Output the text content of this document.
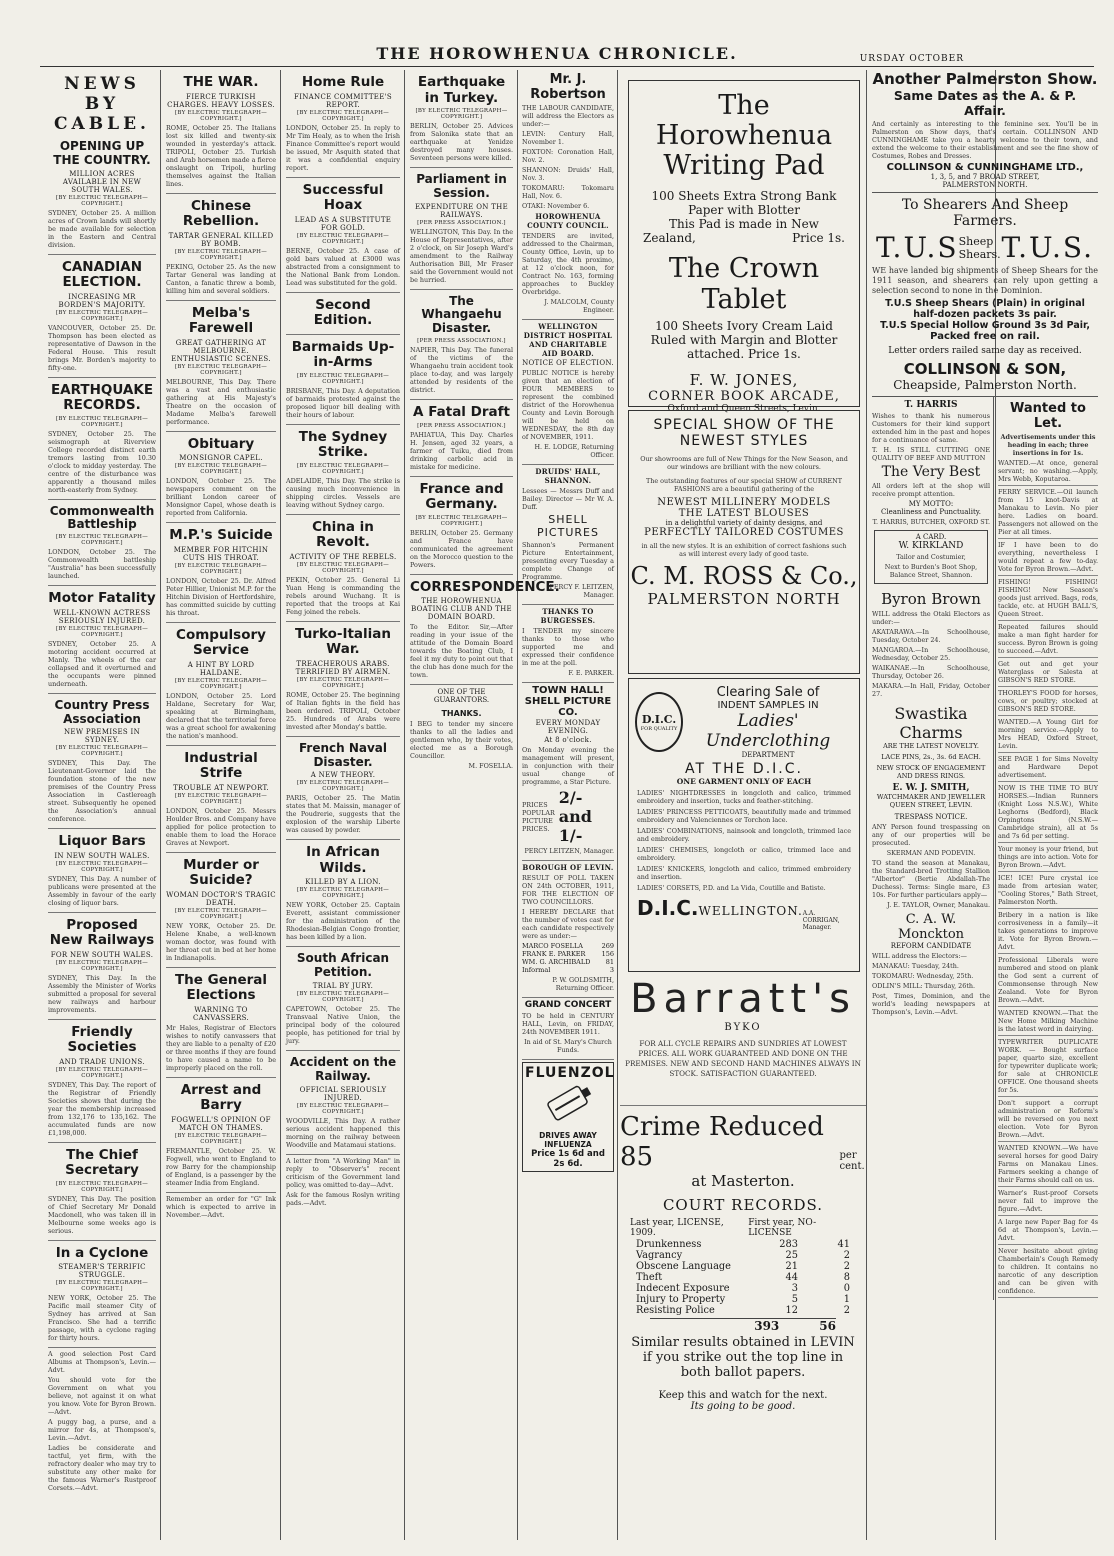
THE HOROWHENUA CHRONICLE.	URSDAY OCTOBER
NEWS BY CABLE.
OPENING UP THE COUNTRY.
MILLION ACRES AVAILABLE IN NEW SOUTH WALES.
[BY ELECTRIC TELEGRAPH—COPYRIGHT.]
SYDNEY, October 25. A million acres of Crown lands will shortly be made available for selection in the Eastern and Central division.
CANADIAN ELECTION.
INCREASING MR BORDEN'S MAJORITY.
[BY ELECTRIC TELEGRAPH—COPYRIGHT.]
VANCOUVER, October 25. Dr. Thompson has been elected as representative of Dawson in the Federal House. This result brings Mr. Borden's majority to fifty-one.
EARTHQUAKE RECORDS.
[BY ELECTRIC TELEGRAPH—COPYRIGHT.]
SYDNEY, October 25. The seismograph at Riverview College recorded distinct earth tremors lasting from 10.30 o'clock to midday yesterday. The centre of the disturbance was apparently a thousand miles north-easterly from Sydney.
Commonwealth Battleship
[BY ELECTRIC TELEGRAPH—COPYRIGHT.]
LONDON, October 25. The Commonwealth battleship "Australia" has been successfully launched.
Motor Fatality
WELL-KNOWN ACTRESS SERIOUSLY INJURED.
[BY ELECTRIC TELEGRAPH—COPYRIGHT.]
SYDNEY, October 25. A motoring accident occurred at Manly. The wheels of the car collapsed and it overturned and the occupants were pinned underneath.
Country Press Association
NEW PREMISES IN SYDNEY.
[BY ELECTRIC TELEGRAPH—COPYRIGHT.]
SYDNEY, This Day. The Lieutenant-Governor laid the foundation stone of the new premises of the Country Press Association in Castlereagh street. Subsequently he opened the Association's annual conference.
Liquor Bars
IN NEW SOUTH WALES.
[BY ELECTRIC TELEGRAPH—COPYRIGHT.]
SYDNEY, This Day. A number of publicans were presented at the Assembly in favour of the early closing of liquor bars.
Proposed New Railways
FOR NEW SOUTH WALES.
[BY ELECTRIC TELEGRAPH—COPYRIGHT.]
SYDNEY, This Day. In the Assembly the Minister of Works submitted a proposal for several new railways and harbour improvements.
Friendly Societies
AND TRADE UNIONS.
[BY ELECTRIC TELEGRAPH—COPYRIGHT.]
SYDNEY, This Day. The report of the Registrar of Friendly Societies shows that during the year the membership increased from 132,176 to 135,162. The accumulated funds are now £1,198,000.
The Chief Secretary
[BY ELECTRIC TELEGRAPH—COPYRIGHT.]
SYDNEY, This Day. The position of Chief Secretary Mr Donald Macdonell, who was taken ill in Melbourne some weeks ago is serious.
In a Cyclone
STEAMER'S TERRIFIC STRUGGLE.
[BY ELECTRIC TELEGRAPH—COPYRIGHT.]
NEW YORK, October 25. The Pacific mail steamer City of Sydney has arrived at San Francisco. She had a terrific passage, with a cyclone raging for thirty hours.
A good selection Post Card Albums at Thompson's, Levin.—Advt.
You should vote for the Government on what you believe, not against it on what you know. Vote for Byron Brown.—Advt.
A puggy bag, a purse, and a mirror for 4s, at Thompson's, Levin.—Advt.
Ladies be considerate and tactful, yet firm, with the refractory dealer who may try to substitute any other make for the famous Warner's Rustproof Corsets.—Advt.
THE WAR.
FIERCE TURKISH CHARGES. HEAVY LOSSES.
[BY ELECTRIC TELEGRAPH—COPYRIGHT.]
ROME, October 25. The Italians lost six killed and twenty-six wounded in yesterday's attack. TRIPOLI, October 25. Turkish and Arab horsemen made a fierce onslaught on Tripoli, hurling themselves against the Italian lines.
Chinese Rebellion.
TARTAR GENERAL KILLED BY BOMB.
[BY ELECTRIC TELEGRAPH—COPYRIGHT.]
PEKING, October 25. As the new Tartar General was landing at Canton, a fanatic threw a bomb, killing him and several soldiers.
Melba's Farewell
GREAT GATHERING AT MELBOURNE. ENTHUSIASTIC SCENES.
[BY ELECTRIC TELEGRAPH—COPYRIGHT.]
MELBOURNE, This Day. There was a vast and enthusiastic gathering at His Majesty's Theatre on the occasion of Madame Melba's farewell performance.
Obituary
MONSIGNOR CAPEL.
[BY ELECTRIC TELEGRAPH—COPYRIGHT.]
LONDON, October 25. The newspapers comment on the brilliant London career of Monsignor Capel, whose death is reported from California.
M.P.'s Suicide
MEMBER FOR HITCHIN CUTS HIS THROAT.
[BY ELECTRIC TELEGRAPH—COPYRIGHT.]
LONDON, October 25. Dr. Alfred Peter Hillier, Unionist M.P. for the Hitchin Division of Hertfordshire, has committed suicide by cutting his throat.
Compulsory Service
A HINT BY LORD HALDANE.
[BY ELECTRIC TELEGRAPH—COPYRIGHT.]
LONDON, October 25. Lord Haldane, Secretary for War, speaking at Birmingham, declared that the territorial force was a great school for awakening the nation's manhood.
Industrial Strife
TROUBLE AT NEWPORT.
[BY ELECTRIC TELEGRAPH—COPYRIGHT.]
LONDON, October 25. Messrs Houlder Bros. and Company have applied for police protection to enable them to load the Horace Graves at Newport.
Murder or Suicide?
WOMAN DOCTOR'S TRAGIC DEATH.
[BY ELECTRIC TELEGRAPH—COPYRIGHT.]
NEW YORK, October 25. Dr. Helene Knabe, a well-known woman doctor, was found with her throat cut in bed at her home in Indianapolis.
The General Elections
WARNING TO CANVASSERS.
Mr Hales, Registrar of Electors wishes to notify canvassers that they are liable to a penalty of £20 or three months if they are found to have caused a name to be improperly placed on the roll.
Arrest and Barry
FOGWELL'S OPINION OF MATCH ON THAMES.
[BY ELECTRIC TELEGRAPH—COPYRIGHT.]
FREMANTLE, October 25. W. Fogwell, who went to England to row Barry for the championship of England, is a passenger by the steamer India from England.
Remember an order for "G" Ink which is expected to arrive in November.—Advt.
Home Rule
FINANCE COMMITTEE'S REPORT.
[BY ELECTRIC TELEGRAPH—COPYRIGHT.]
LONDON, October 25. In reply to Mr Tim Healy, as to when the Irish Finance Committee's report would be issued, Mr Asquith stated that it was a confidential enquiry report.
Successful Hoax
LEAD AS A SUBSTITUTE FOR GOLD.
[BY ELECTRIC TELEGRAPH—COPYRIGHT.]
BERNE, October 25. A case of gold bars valued at £3000 was abstracted from a consignment to the National Bank from London. Lead was substituted for the gold.
Second Edition.
Barmaids Up-in-Arms
[BY ELECTRIC TELEGRAPH—COPYRIGHT.]
BRISBANE, This Day. A deputation of barmaids protested against the proposed liquor bill dealing with their hours of labour.
The Sydney Strike.
[BY ELECTRIC TELEGRAPH—COPYRIGHT.]
ADELAIDE, This Day. The strike is causing much inconvenience in shipping circles. Vessels are leaving without Sydney cargo.
China in Revolt.
ACTIVITY OF THE REBELS.
[BY ELECTRIC TELEGRAPH—COPYRIGHT.]
PEKIN, October 25. General Li Yuan Heng is commanding the rebels around Wuchang. It is reported that the troops at Kai Feng joined the rebels.
Turko-Italian War.
TREACHEROUS ARABS. TERRIFIED BY AIRMEN.
[BY ELECTRIC TELEGRAPH—COPYRIGHT.]
ROME, October 25. The beginning of Italian fights in the field has been ordered. TRIPOLI, October 25. Hundreds of Arabs were invested after Monday's battle.
French Naval Disaster.
A NEW THEORY.
[BY ELECTRIC TELEGRAPH—COPYRIGHT.]
PARIS, October 25. The Matin states that M. Maissin, manager of the Poudrerie, suggests that the explosion of the warship Liberte was caused by powder.
In African Wilds.
KILLED BY A LION.
[BY ELECTRIC TELEGRAPH—COPYRIGHT.]
NEW YORK, October 25. Captain Everett, assistant commissioner for the administration of the Rhodesian-Belgian Congo frontier, has been killed by a lion.
South African Petition.
TRIAL BY JURY.
[BY ELECTRIC TELEGRAPH—COPYRIGHT.]
CAPETOWN, October 25. The Transvaal Native Union, the principal body of the coloured people, has petitioned for trial by jury.
Accident on the Railway.
OFFICIAL SERIOUSLY INJURED.
[BY ELECTRIC TELEGRAPH—COPYRIGHT.]
WOODVILLE, This Day. A rather serious accident happened this morning on the railway between Woodville and Matamaui stations.
A letter from "A Working Man" in reply to "Observer's" recent criticism of the Government land policy, was omitted to-day—Advt.
Ask for the famous Roslyn writing pads.—Advt.
Earthquake in Turkey.
[BY ELECTRIC TELEGRAPH—COPYRIGHT.]
BERLIN, October 25. Advices from Salonika state that an earthquake at Yenidze destroyed many houses. Seventeen persons were killed.
Parliament in Session.
EXPENDITURE ON THE RAILWAYS.
[PER PRESS ASSOCIATION.]
WELLINGTON, This Day. In the House of Representatives, after 2 o'clock, on Sir Joseph Ward's amendment to the Railway Authorisation Bill, Mr Fraser said the Government would not be hurried.
The Whangaehu Disaster.
[PER PRESS ASSOCIATION.]
NAPIER, This Day. The funeral of the victims of the Whangaehu train accident took place to-day, and was largely attended by residents of the district.
A Fatal Draft
[PER PRESS ASSOCIATION.]
PAHIATUA, This Day. Charles H. Jensen, aged 32 years, a farmer of Tuiku, died from drinking carbolic acid in mistake for medicine.
France and Germany.
[BY ELECTRIC TELEGRAPH—COPYRIGHT.]
BERLIN, October 25. Germany and France have communicated the agreement on the Morocco question to the Powers.
CORRESPONDENCE.
THE HOROWHENUA BOATING CLUB AND THE DOMAIN BOARD.
To the Editor. Sir,—After reading in your issue of the attitude of the Domain Board towards the Boating Club, I feel it my duty to point out that the club has done much for the town.
ONE OF THE GUARANTORS.
THANKS.
I BEG to tender my sincere thanks to all the ladies and gentlemen who, by their votes, elected me as a Borough Councillor.
M. FOSELLA.
Mr. J. Robertson
THE LABOUR CANDIDATE, will address the Electors as under:—
LEVIN: Century Hall, November 1.
FOXTON: Coronation Hall, Nov. 2.
SHANNON: Druids' Hall, Nov. 3.
TOKOMARU: Tokomaru Hall, Nov. 6.
OTAKI: November 6.
HOROWHENUA COUNTY COUNCIL.
TENDERS are invited, addressed to the Chairman, County Office, Levin, up to Saturday, the 4th proximo, at 12 o'clock noon, for Contract No. 163, forming approaches to Buckley Overbridge.
J. MALCOLM, County Engineer.
WELLINGTON DISTRICT HOSPITAL AND CHARITABLE AID BOARD.
NOTICE OF ELECTION.
PUBLIC NOTICE is hereby given that an election of FOUR MEMBERS to represent the combined district of the Horowhenua County and Levin Borough will be held on WEDNESDAY, the 8th day of NOVEMBER, 1911.
H. E. LODGE, Returning Officer.
DRUIDS' HALL, SHANNON.
Lessees — Messrs Duff and Bailey. Director — Mr W. A. Duff.
SHELL PICTURES
Shannon's Permanent Picture Entertainment, presenting every Tuesday a complete Change of Programme.
PERCY F. LEITZEN, Manager.
THANKS TO BURGESSES.
I TENDER my sincere thanks to those who supported me and expressed their confidence in me at the poll.
F. E. PARKER.
TOWN HALL! SHELL PICTURE CO.
EVERY MONDAY EVENING.
At 8 o'clock.
On Monday evening the management will present, in conjunction with their usual change of programme, a Star Picture.
PRICES POPULAR PICTURE PRICES.
2/- and 1/-
PERCY LEITZEN, Manager.
BOROUGH OF LEVIN.
RESULT OF POLL TAKEN ON 24th OCTOBER, 1911, FOR THE ELECTION OF TWO COUNCILLORS.
I HEREBY DECLARE that the number of votes cast for each candidate respectively were as under:—
MARCO FOSELLA	269
FRANK E. PARKER 156
WM. G. ARCHIBALD 81
Informal	3
P. W. GOLDSMITH, Returning Officer.
GRAND CONCERT
TO be held in CENTURY HALL, Levin, on FRIDAY, 24th NOVEMBER 1911.
In aid of St. Mary's Church Funds.
FLUENZOL
DRIVES AWAY INFLUENZA
Price 1s 6d and 2s 6d.
The Horowhenua
Writing Pad
100 Sheets Extra Strong Bank
Paper with Blotter
This Pad is made in New
Zealand,	Price 1s.
The Crown Tablet
100 Sheets Ivory Cream Laid
Ruled with Margin and Blotter
attached. Price 1s.
F. W. JONES,
CORNER BOOK ARCADE,
Oxford and Queen Streets, Levin.
SPECIAL SHOW OF THE
NEWEST STYLES
Our showrooms are full of New Things for the New Season, and our windows are brilliant with the new colours.
The outstanding features of our special SHOW of CURRENT FASHIONS are a beautiful gathering of the
NEWEST MILLINERY MODELS
THE LATEST BLOUSES
in a delightful variety of dainty designs, and
PERFECTLY TAILORED COSTUMES
in all the new styles. It is an exhibition of correct fashions such as will interest every lady of good taste.
C. M. ROSS & Co.,
PALMERSTON NORTH
D.I.C.
FOR QUALITY
Clearing Sale of
INDENT SAMPLES IN
Ladies' Underclothing
DEPARTMENT
AT THE D.I.C.
ONE GARMENT ONLY OF EACH
LADIES' NIGHTDRESSES in longcloth and calico, trimmed embroidery and insertion, tucks and feather-stitching.
LADIES' PRINCESS PETTICOATS, beautifully made and trimmed embroidery and Valenciennes or Torchon lace.
LADIES' COMBINATIONS, nainsook and longcloth, trimmed lace and embroidery.
LADIES' CHEMISES, longcloth or calico, trimmed lace and embroidery.
LADIES' KNICKERS, longcloth and calico, trimmed embroidery and insertion.
LADIES' CORSETS, P.D. and La Vida, Coutille and Batiste.
D.I.C. WELLINGTON. A.A. CORRIGAN, Manager.
Barratt's
BYKO
FOR ALL CYCLE REPAIRS AND SUNDRIES AT LOWEST PRICES. ALL WORK GUARANTEED AND DONE ON THE PREMISES. NEW AND SECOND HAND MACHINES ALWAYS IN STOCK. SATISFACTION GUARANTEED.
Crime Reduced 85	per cent.
at Masterton.
COURT RECORDS.
Last year, LICENSE, 1909.
First year, NO-LICENSE
Drunkenness	283	41
Vagrancy	25	2
Obscene Language	21	2
Theft	44	8
Indecent Exposure	3	0
Injury to Property	5	1
Resisting Police	12	2
393	56
Similar results obtained in LEVIN
if you strike out the top line in
both ballot papers.
Keep this and watch for the next.
Its going to be good.
Another Palmerston Show.
Same Dates as the A. & P. Affair.
And certainly as interesting to the feminine sex. You'll be in Palmerston on Show days, that's certain. COLLINSON AND CUNNINGHAME take you a hearty welcome to their town, and extend the welcome to their establishment and see the fine show of Costumes, Robes and Dresses.
COLLINSON & CUNNINGHAME LTD.,
1, 3, 5, and 7 BROAD STREET,
PALMERSTON NORTH.
To Shearers And Sheep Farmers.
T.U.S Sheep Shears. T.U.S.
WE have landed big shipments of Sheep Shears for the 1911 season, and shearers can rely upon getting a selection second to none in the Dominion.
T.U.S Sheep Shears (Plain) in original half-dozen packets 3s pair.
T.U.S Special Hollow Ground 3s 3d Pair,
Packed free on rail.
Letter orders railed same day as received.
COLLINSON & SON,
Cheapside, Palmerston North.
T. HARRIS
Wishes to thank his numerous Customers for their kind support extended him in the past and hopes for a continuance of same.
T. H. IS STILL CUTTING ONE QUALITY OF BEEF AND MUTTON
The Very Best
All orders left at the shop will receive prompt attention.
MY MOTTO:
Cleanliness and Punctuality.
T. HARRIS, BUTCHER, OXFORD ST.
A CARD.
W. KIRKLAND
Tailor and Costumier,
Next to Burden's Boot Shop, Balance Street, Shannon.
Byron Brown
WILL address the Otaki Electors as under:—
AKATARAWA.—In Schoolhouse, Tuesday, October 24.
MANGAROA.—In Schoolhouse, Wednesday, October 25.
WAIKANAE.—In Schoolhouse, Thursday, October 26.
MAKARA.—In Hall, Friday, October 27.
Swastika
Charms
ARE THE LATEST NOVELTY.
LACE PINS, 2s., 3s. 6d EACH.
NEW STOCK OF ENGAGEMENT AND DRESS RINGS.
E. W. J. SMITH,
WATCHMAKER AND JEWELLER
QUEEN STREET, LEVIN.
TRESPASS NOTICE.
ANY Person found trespassing on any of our properties will be prosecuted.
SKERMAN AND PODEVIN.
TO stand the season at Manakau, the Standard-bred Trotting Stallion "Albertor" (Bertie Abdallah-The Duchess). Terms: Single mare, £3 10s. For further particulars apply—
J. E. TAYLOR, Owner, Manakau.
C. A. W. Monckton
REFORM CANDIDATE
WILL address the Electors:—
MANAKAU: Tuesday, 24th.
TOKOMARU: Wednesday, 25th.
ODLIN'S MILL: Thursday, 26th.
Post, Times, Dominion, and the world's leading newspapers at Thompson's, Levin.—Advt.
Wanted to Let.
Advertisements under this heading in each; three insertions in for 1s.
WANTED.—At once, general servant; no washing.—Apply, Mrs Webb, Koputaroa.
FERRY SERVICE.—Oil launch from 15 knot-Davis at Manakau to Levin. No pier here. Ladies on board. Passengers not allowed on the Pier at all times.
IF I have been to do everything, nevertheless I would repeat a few to-day. Vote for Byron Brown.—Advt.
FISHING! FISHING! FISHING! New Season's goods just arrived. Bags, rods, tackle, etc. at HUGH BALL'S, Queen Street.
Repeated failures should make a man fight harder for success. Byron Brown is going to succeed.—Advt.
Get out and get your Waterglass or Salesta at GIBSON'S RED STORE.
THORLEY'S FOOD for horses, cows, or poultry; stocked at GIBSON'S RED STORE.
WANTED.—A Young Girl for morning service.—Apply to Mrs HEAD, Oxford Street, Levin.
SEE PAGE 1 for Sims Novelty and Hardware Depot advertisement.
NOW IS THE TIME TO BUY HORSES.—Indian Runners (Knight Loss N.S.W.), White Leghorns (Bedford), Black Orpingtons (N.S.W.—Cambridge strain), all at 5s and 7s 6d per setting.
Your money is your friend, but things are into action. Vote for Byron Brown.—Advt.
ICE! ICE! Pure crystal ice made from artesian water, "Cooling Stores," Bath Street, Palmerston North.
Bribery in a nation is like corrosiveness in a family—it takes generations to improve it. Vote for Byron Brown.—Advt.
Professional Liberals were numbered and stood on plank the God sent a current of Commonsense through New Zealand. Vote for Byron Brown.—Advt.
WANTED KNOWN.—That the New Home Milking Machine is the latest word in dairying.
TYPEWRITER DUPLICATE WORK. — Bought surface paper, quarto size, excellent for typewriter duplicate work; for sale at CHRONICLE OFFICE. One thousand sheets for 5s.
Don't support a corrupt administration or Reform's will be reversed on you next election. Vote for Byron Brown.—Advt.
WANTED KNOWN.—We have several horses for good Dairy Farms on Manakau Lines. Farmers seeking a change of their Farms should call on us.
Warner's Rust-proof Corsets never fail to improve the figure.—Advt.
A large new Paper Bag for 4s 6d at Thompson's, Levin.—Advt.
Never hesitate about giving Chamberlain's Cough Remedy to children. It contains no narcotic of any description and can be given with confidence.
